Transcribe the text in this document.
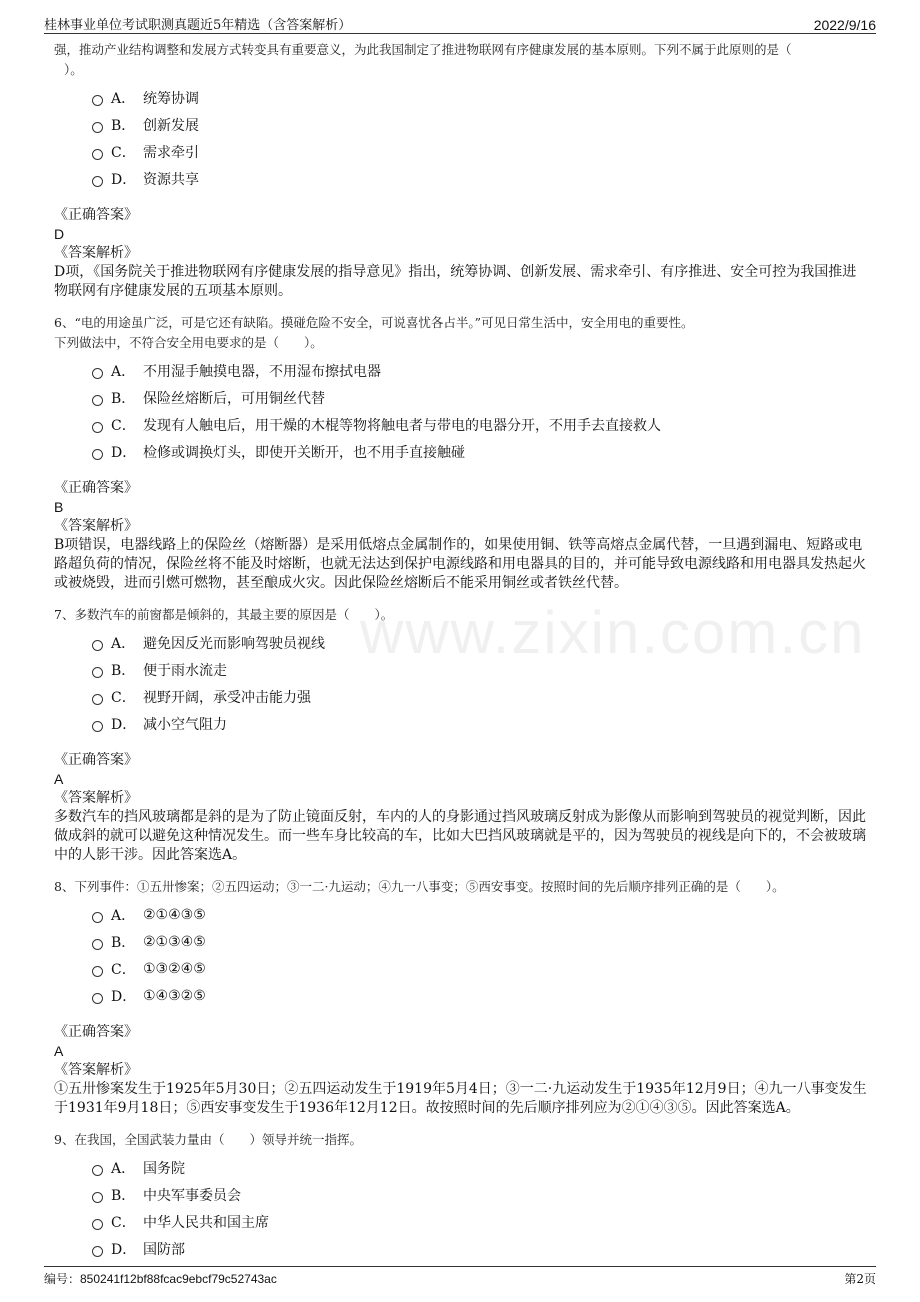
桂林事业单位考试职测真题近5年精选（含答案解析）	2022/9/16
www.zixin.com.cn
强，推动产业结构调整和发展方式转变具有重要意义，为此我国制定了推进物联网有序健康发展的基本原则。下列不属于此原则的是（
）。
A． 统筹协调
B． 创新发展
C． 需求牵引
D． 资源共享
《正确答案》
D
《答案解析》
D项，《国务院关于推进物联网有序健康发展的指导意见》指出，统筹协调、创新发展、需求牵引、有序推进、安全可控为我国推进物联网有序健康发展的五项基本原则。
6、“电的用途虽广泛，可是它还有缺陷。摸碰危险不安全，可说喜忧各占半。”可见日常生活中，安全用电的重要性。
下列做法中，不符合安全用电要求的是（　　）。
A． 不用湿手触摸电器，不用湿布擦拭电器
B． 保险丝熔断后，可用铜丝代替
C． 发现有人触电后，用干燥的木棍等物将触电者与带电的电器分开，不用手去直接救人
D． 检修或调换灯头，即使开关断开，也不用手直接触碰
《正确答案》
B
《答案解析》
B项错误，电器线路上的保险丝（熔断器）是采用低熔点金属制作的，如果使用铜、铁等高熔点金属代替，一旦遇到漏电、短路或电路超负荷的情况，保险丝将不能及时熔断，也就无法达到保护电源线路和用电器具的目的，并可能导致电源线路和用电器具发热起火或被烧毁，进而引燃可燃物，甚至酿成火灾。因此保险丝熔断后不能采用铜丝或者铁丝代替。
7、多数汽车的前窗都是倾斜的，其最主要的原因是（　　）。
A． 避免因反光而影响驾驶员视线
B． 便于雨水流走
C． 视野开阔，承受冲击能力强
D． 减小空气阻力
《正确答案》
A
《答案解析》
多数汽车的挡风玻璃都是斜的是为了防止镜面反射，车内的人的身影通过挡风玻璃反射成为影像从而影响到驾驶员的视觉判断，因此做成斜的就可以避免这种情况发生。而一些车身比较高的车，比如大巴挡风玻璃就是平的，因为驾驶员的视线是向下的，不会被玻璃中的人影干涉。因此答案选A。
8、下列事件：①五卅惨案；②五四运动；③一二·九运动；④九一八事变；⑤西安事变。按照时间的先后顺序排列正确的是（　　）。
A． ②①④③⑤
B． ②①③④⑤
C． ①③②④⑤
D． ①④③②⑤
《正确答案》
A
《答案解析》
①五卅惨案发生于1925年5月30日；②五四运动发生于1919年5月4日；③一二·九运动发生于1935年12月9日；④九一八事变发生于1931年9月18日；⑤西安事变发生于1936年12月12日。故按照时间的先后顺序排列应为②①④③⑤。因此答案选A。
9、在我国，全国武装力量由（　　）领导并统一指挥。
A． 国务院
B． 中央军事委员会
C． 中华人民共和国主席
D． 国防部
编号：850241f12bf88fcac9ebcf79c52743ac	第2页
